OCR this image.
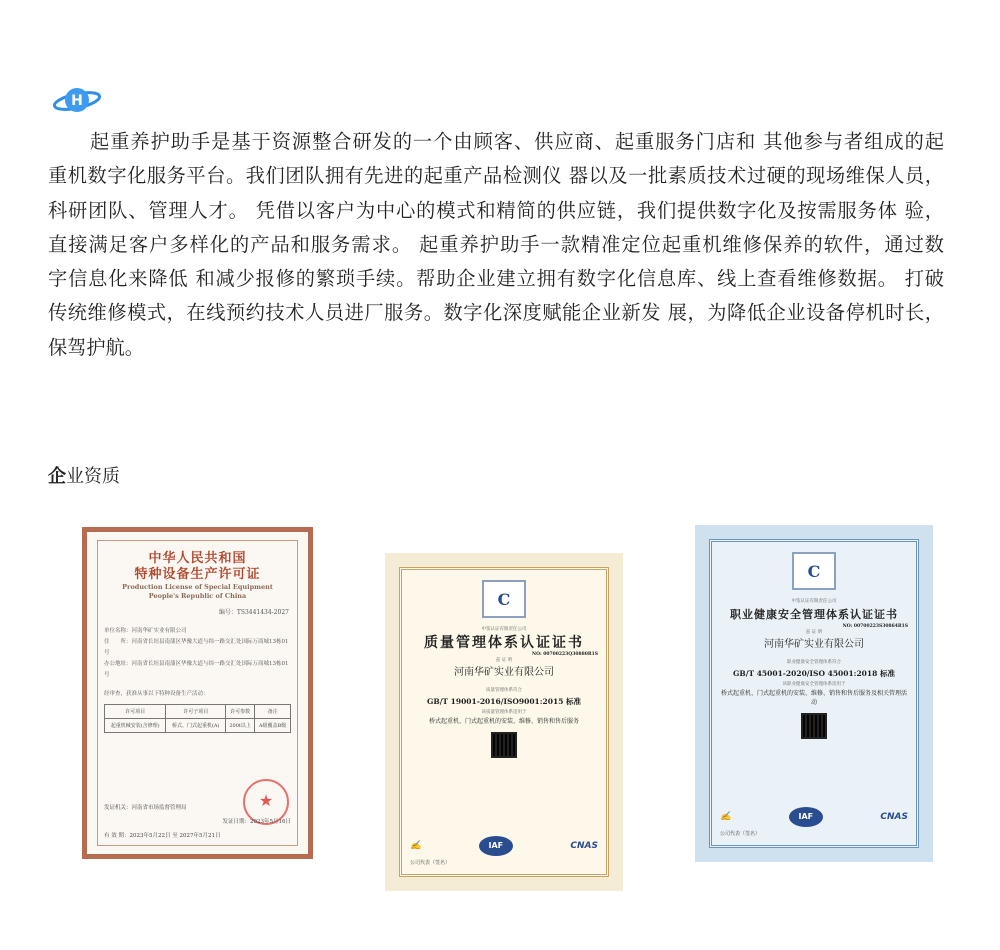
H
起重养护助手是基于资源整合研发的一个由顾客、供应商、起重服务门店和 其他参与者组成的起
重机数字化服务平台。我们团队拥有先进的起重产品检测仪 器以及一批素质技术过硬的现场维保人员，
科研团队、管理人才。 凭借以客户为中心的模式和精简的供应链，我们提供数字化及按需服务体 验，
直接满足客户多样化的产品和服务需求。 起重养护助手一款精准定位起重机维修保养的软件，通过数
字信息化来降低 和减少报修的繁琐手续。帮助企业建立拥有数字化信息库、线上查看维修数据。 打破
传统维修模式，在线预约技术人员进厂服务。数字化深度赋能企业新发 展，为降低企业设备停机时长，
保驾护航。
企业资质
中华人民共和国
特种设备生产许可证
Production License of Special Equipment
People's Republic of China
编号：TS3441434-2027
单位名称：河南华矿实业有限公司
住　　所：河南省长垣县南蒲区华豫大道与纬一路交汇处国际万商城13栋01号
办公地址：河南省长垣县南蒲区华豫大道与纬一路交汇处国际万商城13栋01号
经审查，获准从事以下特种设备生产活动：
许可项目	许可子项目	许可参数	备注
起重机械安装(含修理)	桥式、门式起重机(A)	200t以上	A级覆盖B级
★
发证机关：河南省市场监督管理局
发证日期：2023年5月16日
有 效 期：2023年5月22日 至 2027年5月21日
C
中鉴认证有限责任公司
质量管理体系认证证书
NO: 00700223Q30880R1S
兹 证 明
河南华矿实业有限公司
质量管理体系符合
GB/T 19001-2016/ISO9001:2015 标准
该质量管理体系适用于
桥式起重机、门式起重机的安装、维修、销售和售后服务
✍	IAF	CNAS
公司代表（签名）
C
中鉴认证有限责任公司
职业健康安全管理体系认证证书
NO: 00700223S30864R1S
兹 证 明
河南华矿实业有限公司
职业健康安全管理体系符合
GB/T 45001-2020/ISO 45001:2018 标准
该职业健康安全管理体系适用于
桥式起重机、门式起重机的安装、维修、销售和售后服务及相关管理活动
✍	IAF	CNAS
公司代表（签名）
